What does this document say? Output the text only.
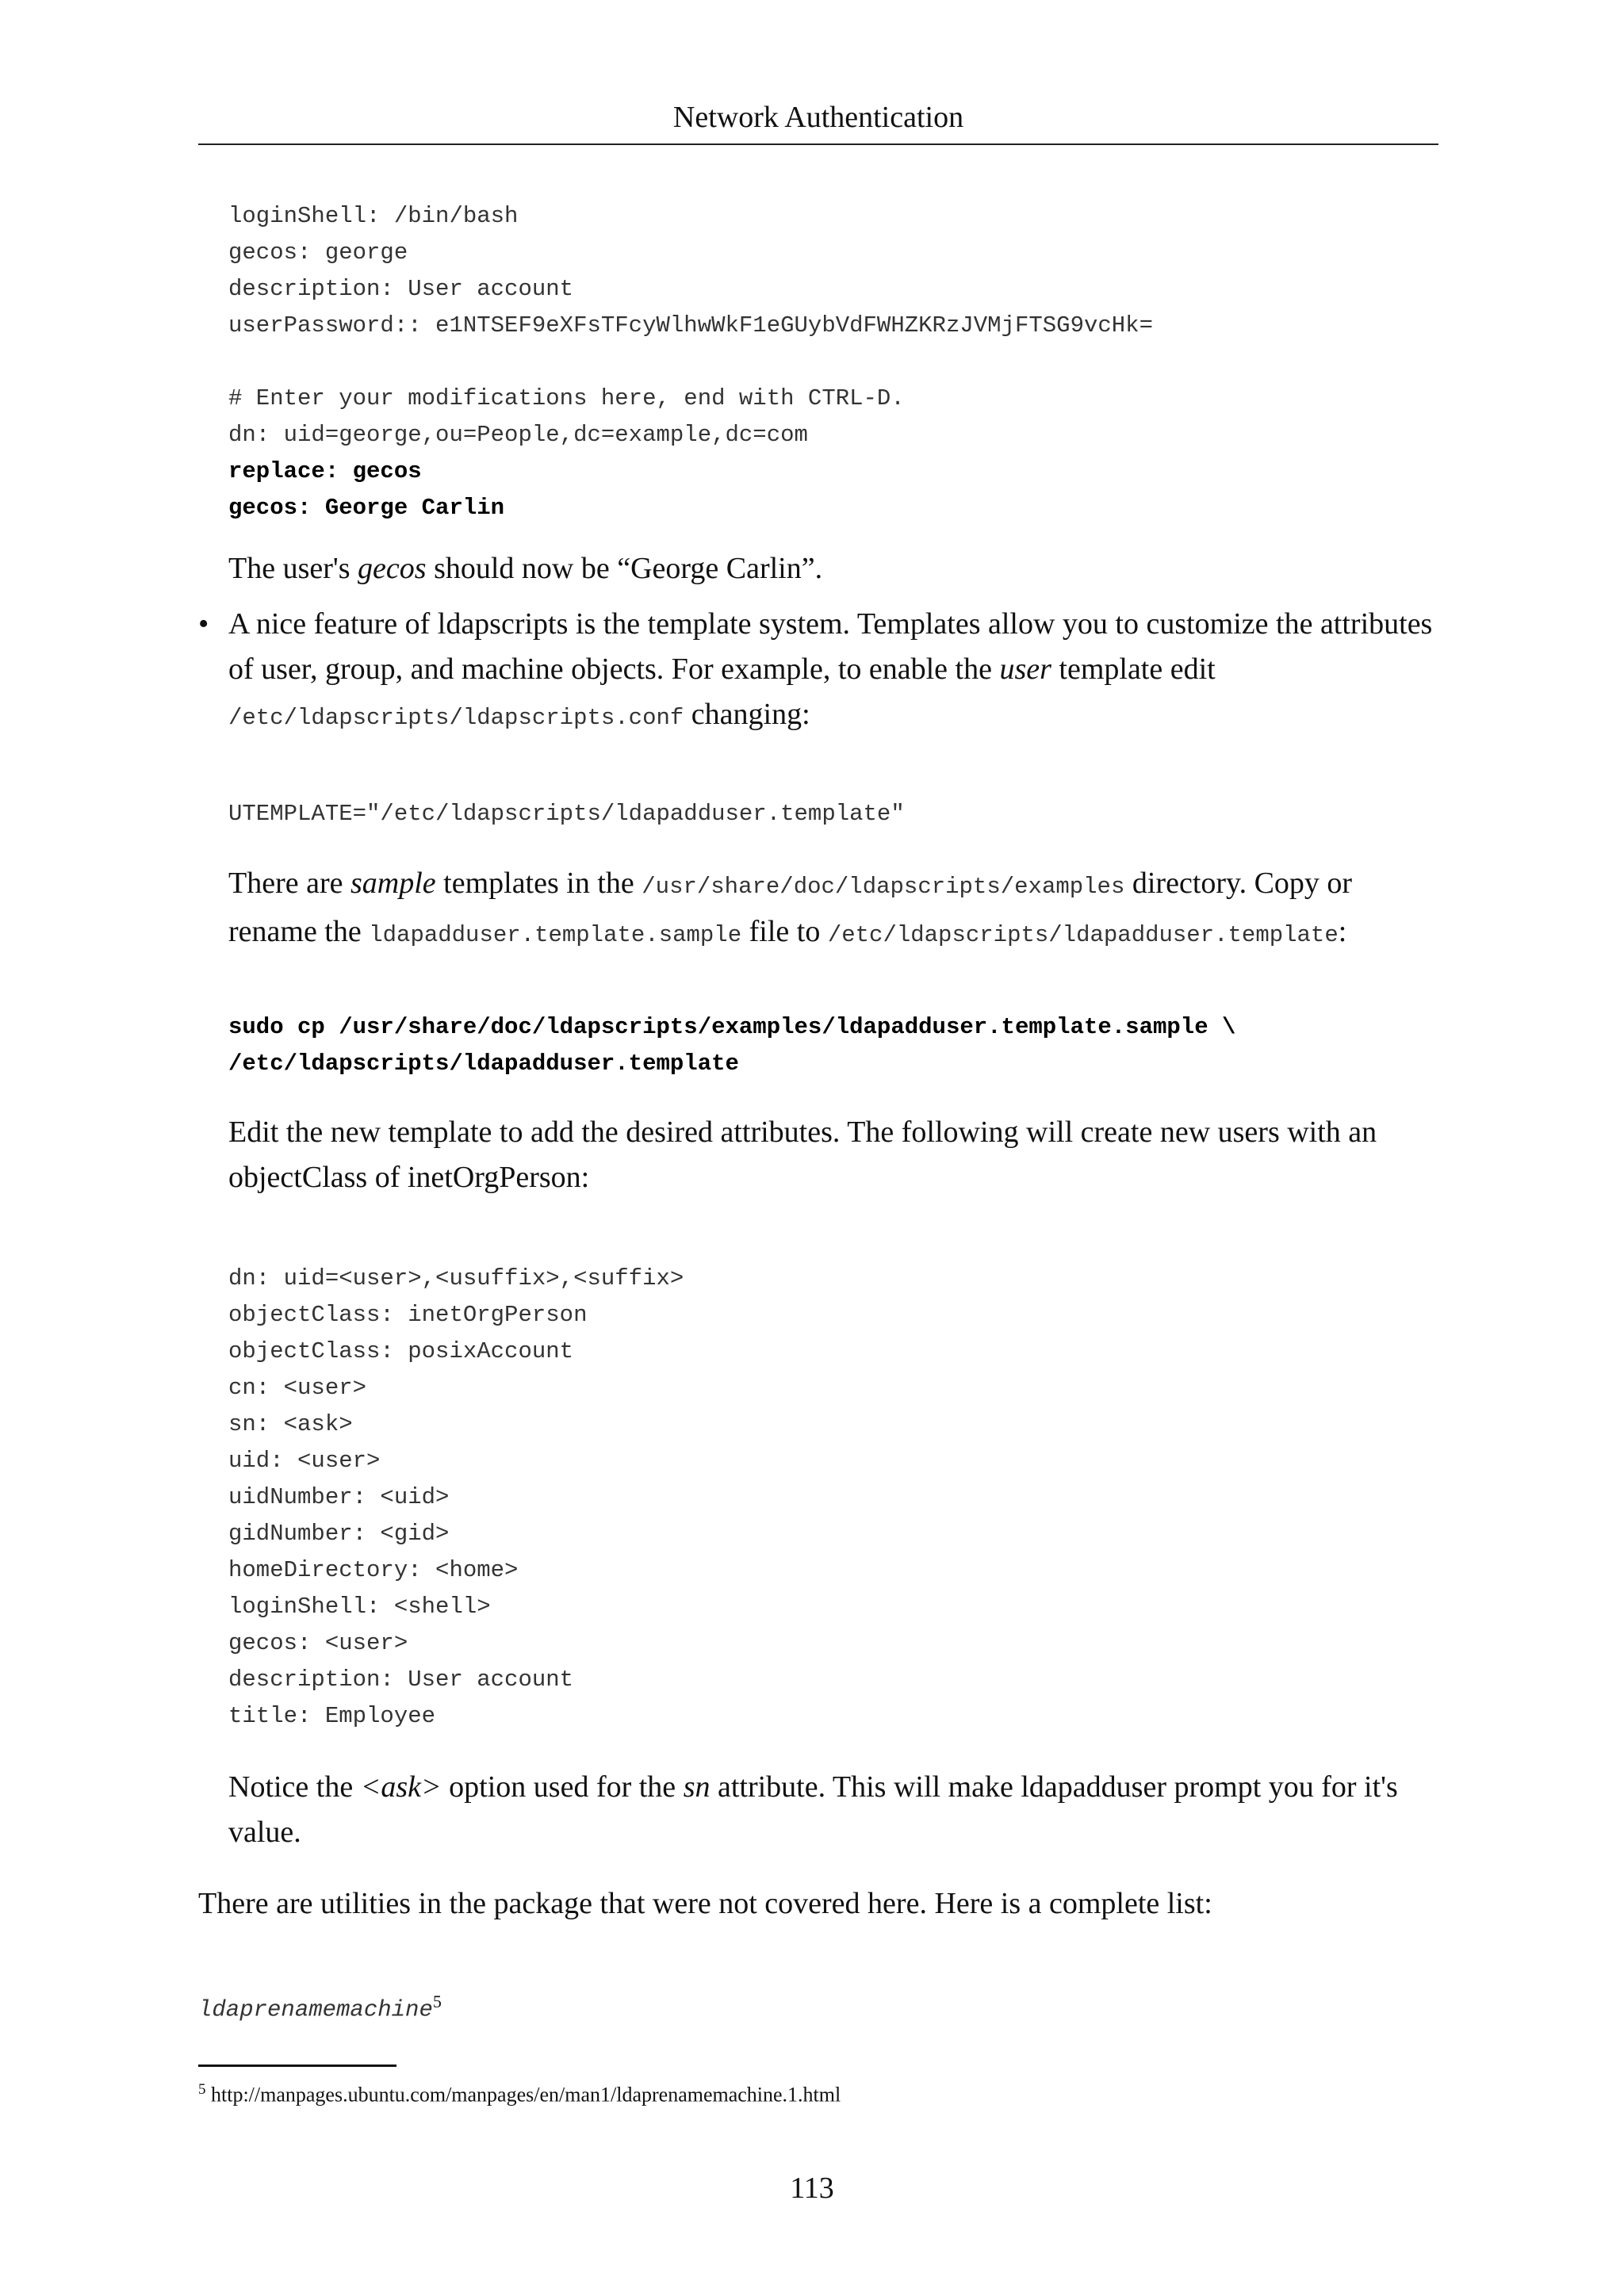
Network Authentication
loginShell: /bin/bash
gecos: george
description: User account
userPassword:: e1NTSEF9eXFsTFcyWlhwWkF1eGUybVdFWHZKRzJVMjFTSG9vcHk=

# Enter your modifications here, end with CTRL-D.
dn: uid=george,ou=People,dc=example,dc=com
replace: gecos
gecos: George Carlin

The user's gecos should now be “George Carlin”.

• A nice feature of ldapscripts is the template system. Templates allow you to customize the attributes of user, group, and machine objects. For example, to enable the user template edit /etc/ldapscripts/ldapscripts.conf changing:

UTEMPLATE="/etc/ldapscripts/ldapadduser.template"

There are sample templates in the /usr/share/doc/ldapscripts/examples directory. Copy or rename the ldapadduser.template.sample file to /etc/ldapscripts/ldapadduser.template:

sudo cp /usr/share/doc/ldapscripts/examples/ldapadduser.template.sample \
/etc/ldapscripts/ldapadduser.template

Edit the new template to add the desired attributes. The following will create new users with an objectClass of inetOrgPerson:

dn: uid=<user>,<usuffix>,<suffix>
objectClass: inetOrgPerson
objectClass: posixAccount
cn: <user>
sn: <ask>
uid: <user>
uidNumber: <uid>
gidNumber: <gid>
homeDirectory: <home>
loginShell: <shell>
gecos: <user>
description: User account
title: Employee

Notice the <ask> option used for the sn attribute. This will make ldapadduser prompt you for it's value.

There are utilities in the package that were not covered here. Here is a complete list:

ldaprenamemachine$^5$
$^5$ http://manpages.ubuntu.com/manpages/en/man1/ldaprenamemachine.1.html
113
